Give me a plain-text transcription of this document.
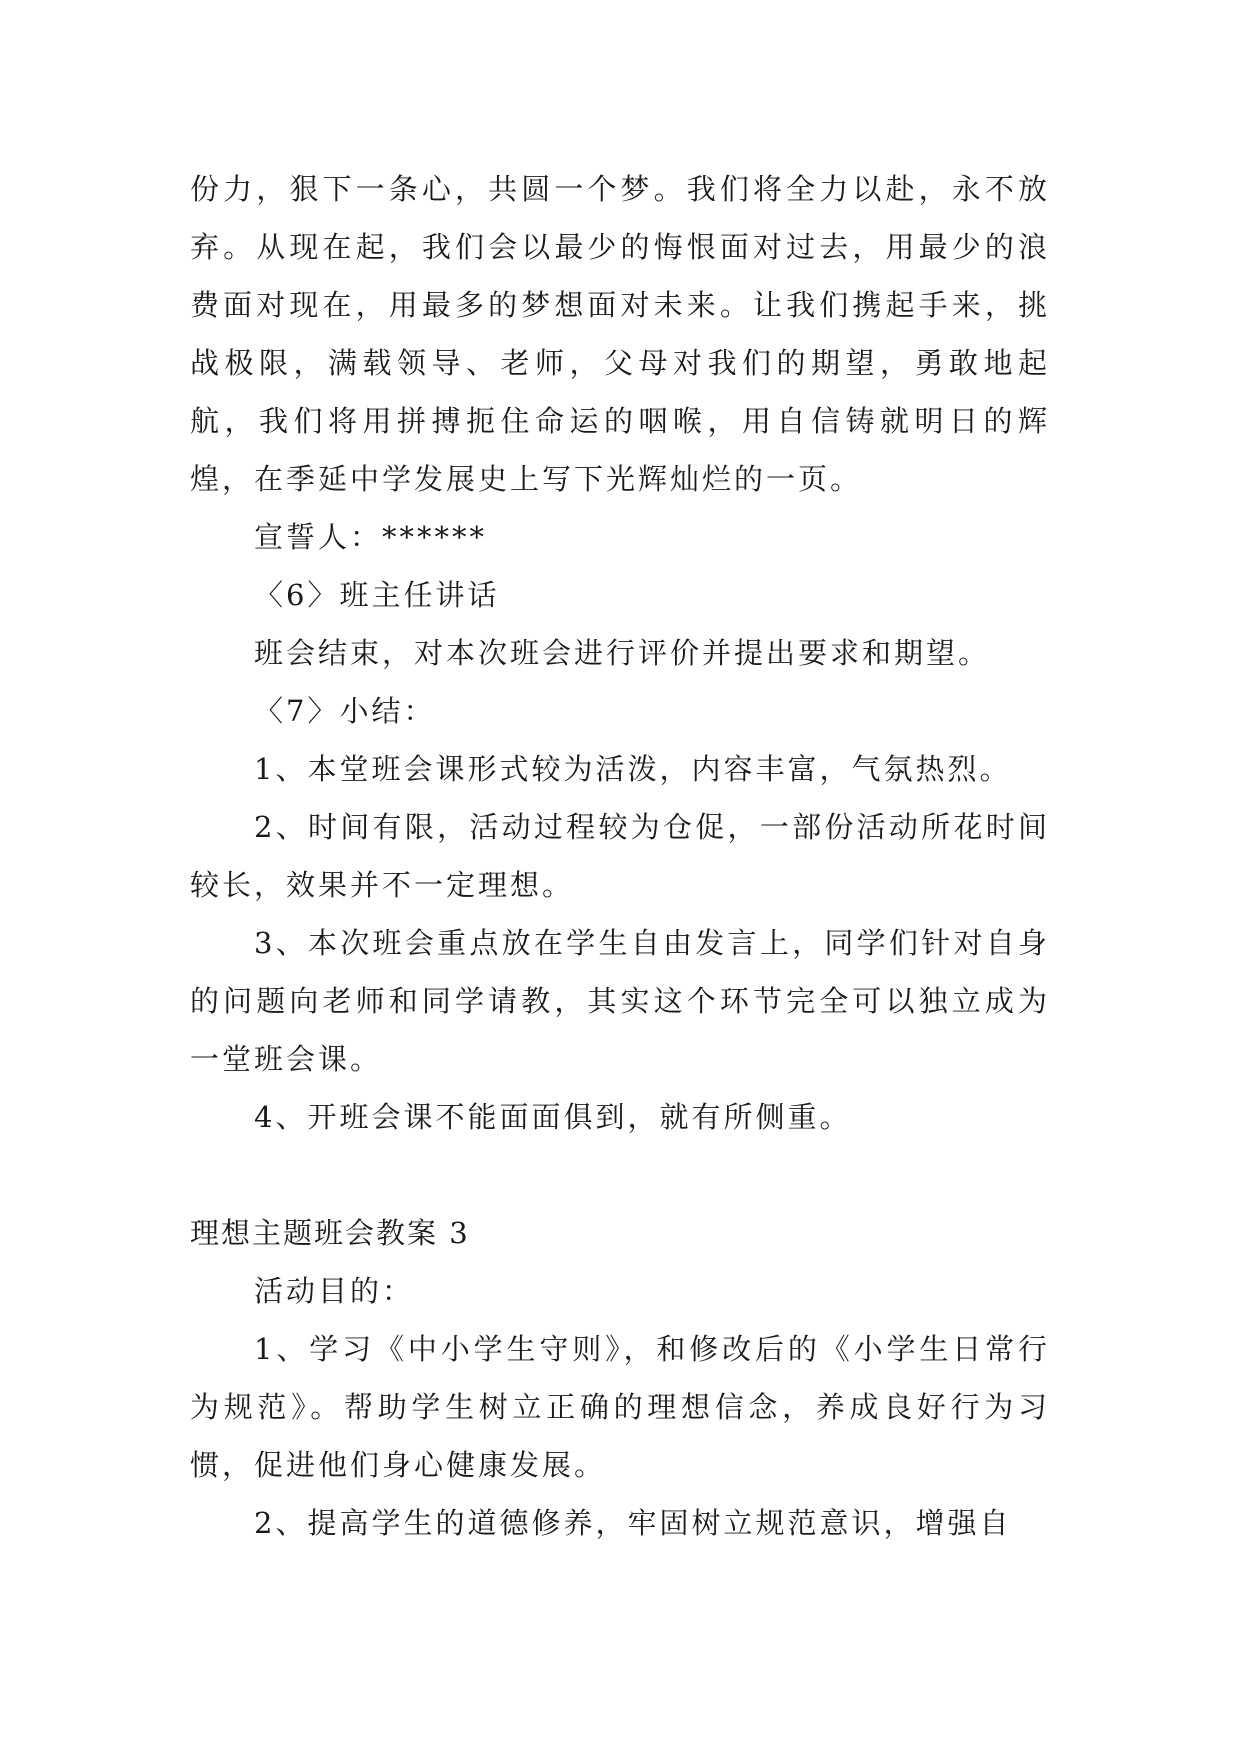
份力，狠下一条心，共圆一个梦。我们将全力以赴，永不放弃。从现在起，我们会以最少的悔恨面对过去，用最少的浪费面对现在，用最多的梦想面对未来。让我们携起手来，挑战极限，满载领导、老师，父母对我们的期望，勇敢地起航，我们将用拼搏扼住命运的咽喉，用自信铸就明日的辉煌，在季延中学发展史上写下光辉灿烂的一页。

宣誓人：******

〈6〉班主任讲话

班会结束，对本次班会进行评价并提出要求和期望。

〈7〉小结：

1、本堂班会课形式较为活泼，内容丰富，气氛热烈。

2、时间有限，活动过程较为仓促，一部份活动所花时间较长，效果并不一定理想。

3、本次班会重点放在学生自由发言上，同学们针对自身的问题向老师和同学请教，其实这个环节完全可以独立成为一堂班会课。

4、开班会课不能面面俱到，就有所侧重。

理想主题班会教案 3

活动目的：

1、学习《中小学生守则》，和修改后的《小学生日常行为规范》。帮助学生树立正确的理想信念，养成良好行为习惯，促进他们身心健康发展。

2、提高学生的道德修养，牢固树立规范意识，增强自
